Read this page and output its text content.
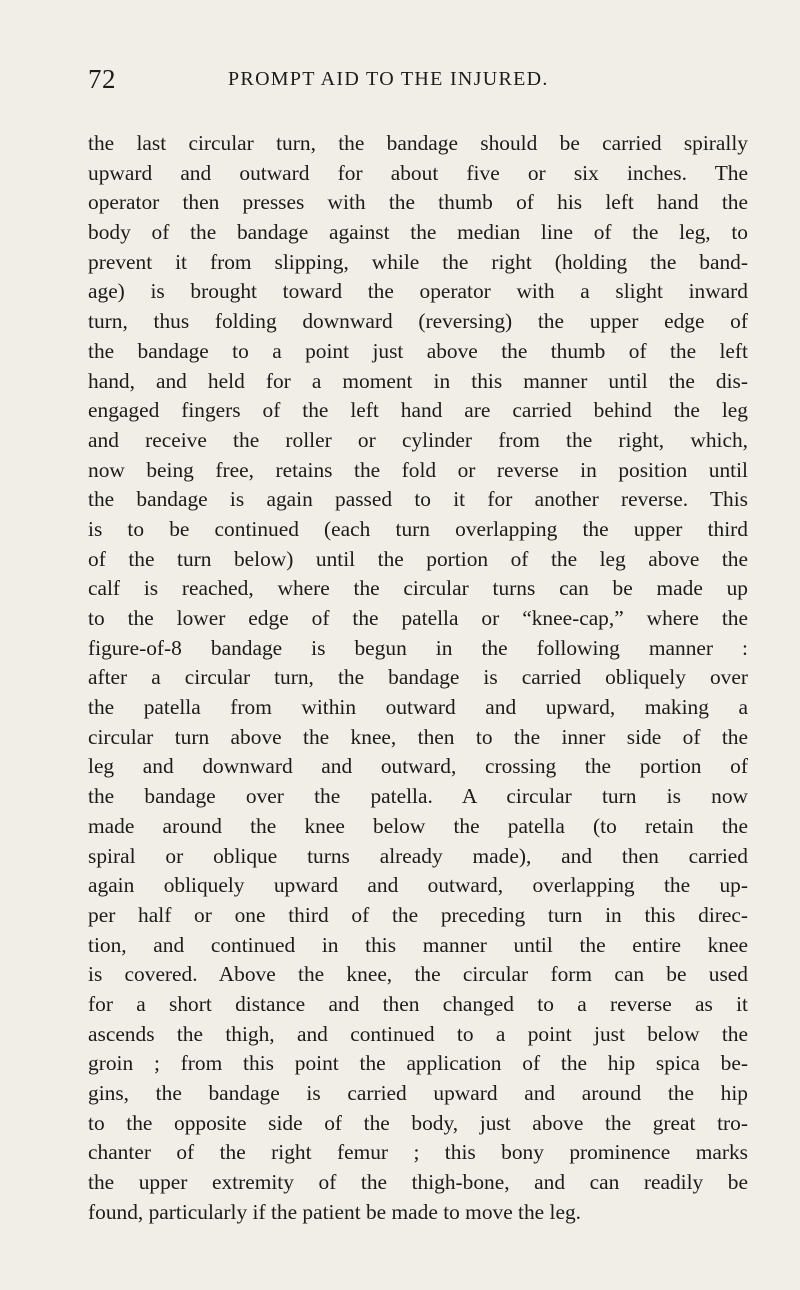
72	PROMPT AID TO THE INJURED.
the last circular turn, the bandage should be carried spirally
upward and outward for about five or six inches. The
operator then presses with the thumb of his left hand the
body of the bandage against the median line of the leg, to
prevent it from slipping, while the right (holding the band-
age) is brought toward the operator with a slight inward
turn, thus folding downward (reversing) the upper edge of
the bandage to a point just above the thumb of the left
hand, and held for a moment in this manner until the dis-
engaged fingers of the left hand are carried behind the leg
and receive the roller or cylinder from the right, which,
now being free, retains the fold or reverse in position until
the bandage is again passed to it for another reverse. This
is to be continued (each turn overlapping the upper third
of the turn below) until the portion of the leg above the
calf is reached, where the circular turns can be made up
to the lower edge of the patella or “knee-cap,” where the
figure-of-8 bandage is begun in the following manner :
after a circular turn, the bandage is carried obliquely over
the patella from within outward and upward, making a
circular turn above the knee, then to the inner side of the
leg and downward and outward, crossing the portion of
the bandage over the patella. A circular turn is now
made around the knee below the patella (to retain the
spiral or oblique turns already made), and then carried
again obliquely upward and outward, overlapping the up-
per half or one third of the preceding turn in this direc-
tion, and continued in this manner until the entire knee
is covered. Above the knee, the circular form can be used
for a short distance and then changed to a reverse as it
ascends the thigh, and continued to a point just below the
groin ; from this point the application of the hip spica be-
gins, the bandage is carried upward and around the hip
to the opposite side of the body, just above the great tro-
chanter of the right femur ; this bony prominence marks
the upper extremity of the thigh-bone, and can readily be
found, particularly if the patient be made to move the leg.
